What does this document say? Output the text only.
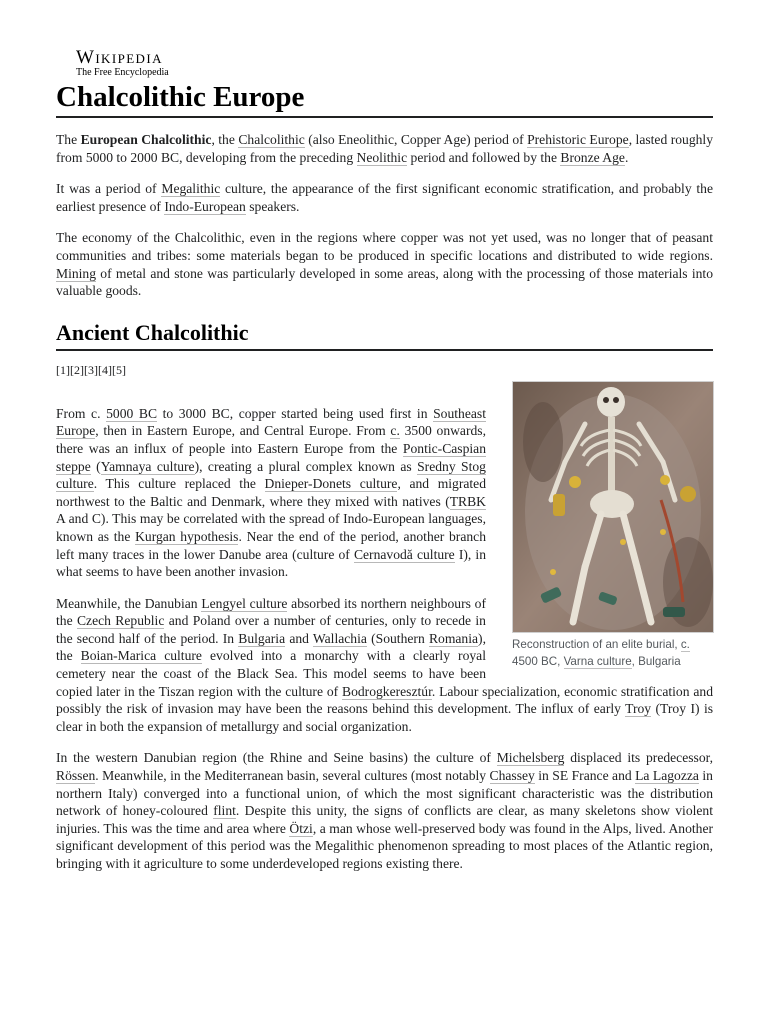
Wikipedia
The Free Encyclopedia
Chalcolithic Europe

The European Chalcolithic, the Chalcolithic (also Eneolithic, Copper Age) period of Prehistoric Europe, lasted roughly from 5000 to 2000 BC, developing from the preceding Neolithic period and followed by the Bronze Age.

It was a period of Megalithic culture, the appearance of the first significant economic stratification, and probably the earliest presence of Indo-European speakers.

The economy of the Chalcolithic, even in the regions where copper was not yet used, was no longer that of peasant communities and tribes: some materials began to be produced in specific locations and distributed to wide regions. Mining of metal and stone was particularly developed in some areas, along with the processing of those materials into valuable goods.

Ancient Chalcolithic
[1][2][3][4][5]
Reconstruction of an elite burial, c. 4500 BC, Varna culture, Bulgaria

From c. 5000 BC to 3000 BC, copper started being used first in Southeast Europe, then in Eastern Europe, and Central Europe. From c. 3500 onwards, there was an influx of people into Eastern Europe from the Pontic-Caspian steppe (Yamnaya culture), creating a plural complex known as Sredny Stog culture. This culture replaced the Dnieper-Donets culture, and migrated northwest to the Baltic and Denmark, where they mixed with natives (TRBK A and C). This may be correlated with the spread of Indo-European languages, known as the Kurgan hypothesis. Near the end of the period, another branch left many traces in the lower Danube area (culture of Cernavodă culture I), in what seems to have been another invasion.

Meanwhile, the Danubian Lengyel culture absorbed its northern neighbours of the Czech Republic and Poland over a number of centuries, only to recede in the second half of the period. In Bulgaria and Wallachia (Southern Romania), the Boian-Marica culture evolved into a monarchy with a clearly royal cemetery near the coast of the Black Sea. This model seems to have been copied later in the Tiszan region with the culture of Bodrogkeresztúr. Labour specialization, economic stratification and possibly the risk of invasion may have been the reasons behind this development. The influx of early Troy (Troy I) is clear in both the expansion of metallurgy and social organization.

In the western Danubian region (the Rhine and Seine basins) the culture of Michelsberg displaced its predecessor, Rössen. Meanwhile, in the Mediterranean basin, several cultures (most notably Chassey in SE France and La Lagozza in northern Italy) converged into a functional union, of which the most significant characteristic was the distribution network of honey-coloured flint. Despite this unity, the signs of conflicts are clear, as many skeletons show violent injuries. This was the time and area where Ötzi, a man whose well-preserved body was found in the Alps, lived. Another significant development of this period was the Megalithic phenomenon spreading to most places of the Atlantic region, bringing with it agriculture to some underdeveloped regions existing there.
